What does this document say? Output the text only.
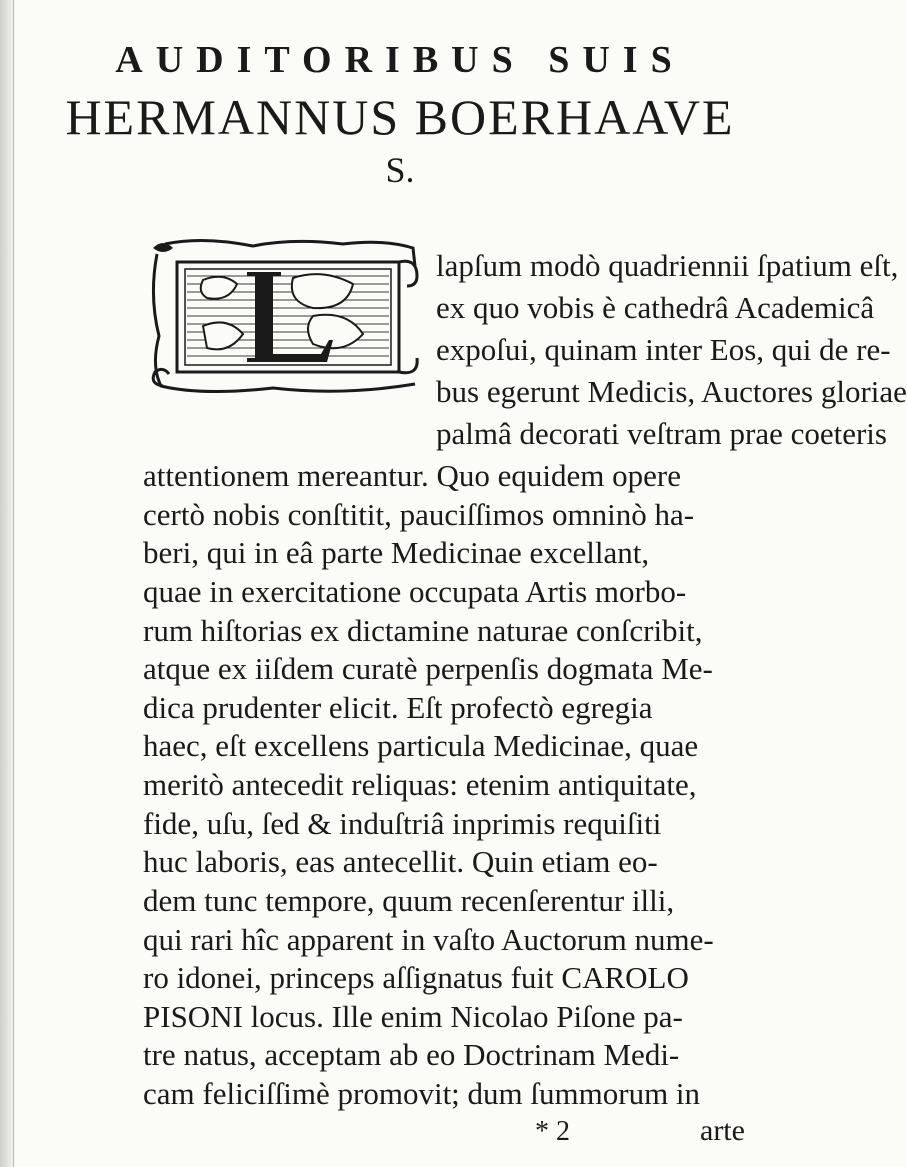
AUDITORIBUS SUIS
HERMANNUS BOERHAAVE
S.
lapſum modò quadriennii ſpatium eſt,
ex quo vobis è cathedrâ Academicâ
expoſui, quinam inter Eos, qui de re-
bus egerunt Medicis, Auctores gloriae
palmâ decorati veſtram prae coeteris
attentionem mereantur. Quo equidem opere
certò nobis conſtitit, pauciſſimos omninò ha-
beri, qui in eâ parte Medicinae excellant,
quae in exercitatione occupata Artis morbo-
rum hiſtorias ex dictamine naturae conſcribit,
atque ex iiſdem curatè perpenſis dogmata Me-
dica prudenter elicit. Eſt profectò egregia
haec, eſt excellens particula Medicinae, quae
meritò antecedit reliquas: etenim antiquitate,
fide, uſu, ſed & induſtriâ inprimis requiſiti
huc laboris, eas antecellit. Quin etiam eo-
dem tunc tempore, quum recenſerentur illi,
qui rari hîc apparent in vaſto Auctorum nume-
ro idonei, princeps aſſignatus fuit CAROLO
PISONI locus. Ille enim Nicolao Piſone pa-
tre natus, acceptam ab eo Doctrinam Medi-
cam feliciſſimè promovit; dum ſummorum in
* 2	arte
